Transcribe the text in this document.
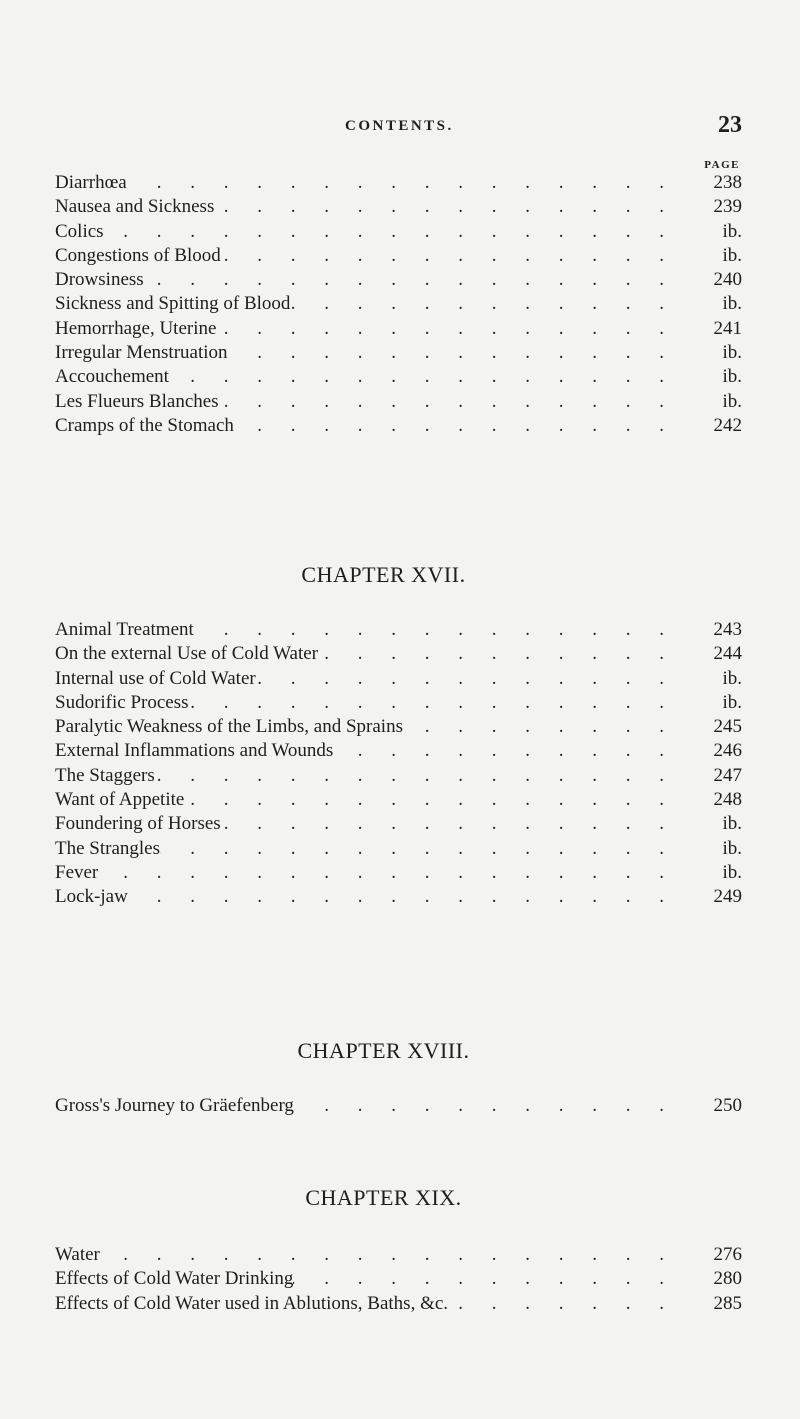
CONTENTS.	23
PAGE
Diarrhœa . . .	238
Nausea and Sickness . . .	239
Colics . . .	ib.
Congestions of Blood . . .	ib.
Drowsiness . . .	240
Sickness and Spitting of Blood . . .	ib.
Hemorrhage, Uterine . . .	241
Irregular Menstruation . . .	ib.
Accouchement . . .	ib.
Les Flueurs Blanches . . .	ib.
Cramps of the Stomach . . .	242
CHAPTER XVII.
Animal Treatment . . .	243
On the external Use of Cold Water . . .	244
Internal use of Cold Water . . .	ib.
Sudorific Process . . .	ib.
Paralytic Weakness of the Limbs, and Sprains . . .	245
External Inflammations and Wounds . . .	246
The Staggers . . .	247
Want of Appetite . . .	248
Foundering of Horses . . .	ib.
The Strangles . . .	ib.
Fever . . .	ib.
Lock-jaw . . .	249
CHAPTER XVIII.
Gross's Journey to Gräefenberg . . .	250
CHAPTER XIX.
Water . . .	276
Effects of Cold Water Drinking . . .	280
Effects of Cold Water used in Ablutions, Baths, &c. . . .	285
